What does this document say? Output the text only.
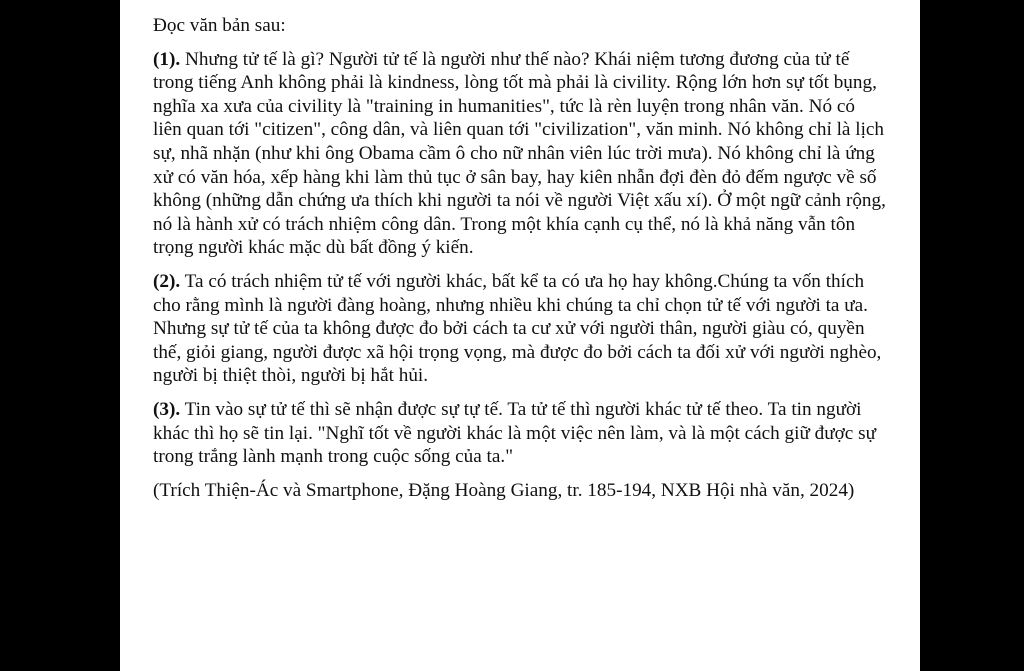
Đọc văn bản sau:

(1). Nhưng tử tế là gì? Người tử tế là người như thế nào? Khái niệm tương đương của tử tế trong tiếng Anh không phải là kindness, lòng tốt mà phải là civility. Rộng lớn hơn sự tốt bụng, nghĩa xa xưa của civility là "training in humanities", tức là rèn luyện trong nhân văn. Nó có liên quan tới "citizen", công dân, và liên quan tới "civilization", văn minh. Nó không chỉ là lịch sự, nhã nhặn (như khi ông Obama cầm ô cho nữ nhân viên lúc trời mưa). Nó không chỉ là ứng xử có văn hóa, xếp hàng khi làm thủ tục ở sân bay, hay kiên nhẫn đợi đèn đỏ đếm ngược về số không (những dẫn chứng ưa thích khi người ta nói về người Việt xấu xí). Ở một ngữ cảnh rộng, nó là hành xử có trách nhiệm công dân. Trong một khía cạnh cụ thể, nó là khả năng vẫn tôn trọng người khác mặc dù bất đồng ý kiến.

(2). Ta có trách nhiệm tử tế với người khác, bất kể ta có ưa họ hay không.Chúng ta vốn thích cho rằng mình là người đàng hoàng, nhưng nhiều khi chúng ta chỉ chọn tử tế với người ta ưa. Nhưng sự tử tế của ta không được đo bởi cách ta cư xử với người thân, người giàu có, quyền thế, giỏi giang, người được xã hội trọng vọng, mà được đo bởi cách ta đối xử với người nghèo, người bị thiệt thòi, người bị hắt hủi.

(3). Tin vào sự tử tế thì sẽ nhận được sự tự tế. Ta tử tế thì người khác tử tế theo. Ta tin người khác thì họ sẽ tin lại. "Nghĩ tốt về người khác là một việc nên làm, và là một cách giữ được sự trong trắng lành mạnh trong cuộc sống của ta."

(Trích Thiện-Ác và Smartphone, Đặng Hoàng Giang, tr. 185-194, NXB Hội nhà văn, 2024)
